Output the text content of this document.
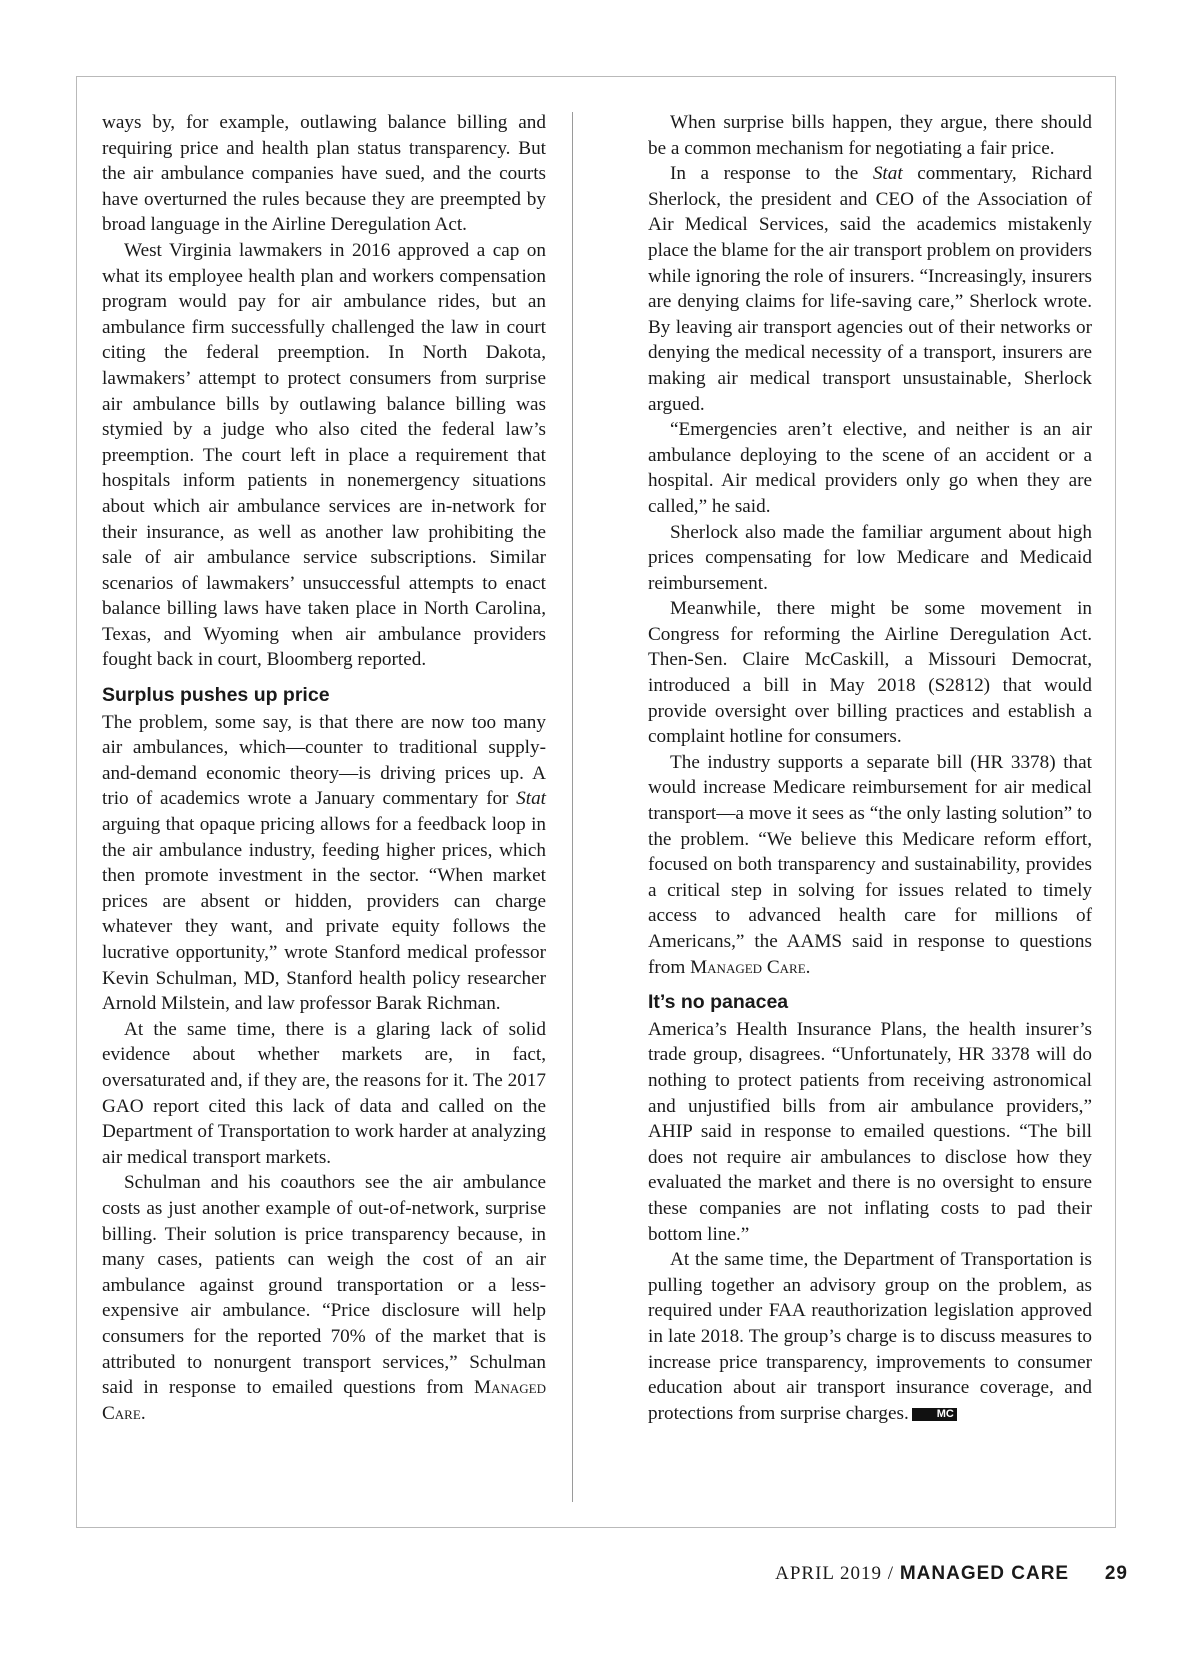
ways by, for example, outlawing balance billing and requiring price and health plan status transparency. But the air ambulance companies have sued, and the courts have overturned the rules because they are preempted by broad language in the Airline Deregulation Act.

West Virginia lawmakers in 2016 approved a cap on what its employee health plan and workers compensation program would pay for air ambulance rides, but an ambulance firm successfully challenged the law in court citing the federal preemption. In North Dakota, lawmakers’ attempt to protect consumers from surprise air ambulance bills by outlawing balance billing was stymied by a judge who also cited the federal law’s preemption. The court left in place a requirement that hospitals inform patients in nonemergency situations about which air ambulance services are in-network for their insurance, as well as another law prohibiting the sale of air ambulance service subscriptions. Similar scenarios of lawmakers’ unsuccessful attempts to enact balance billing laws have taken place in North Carolina, Texas, and Wyoming when air ambulance providers fought back in court, Bloomberg reported.

Surplus pushes up price

The problem, some say, is that there are now too many air ambulances, which—counter to traditional supply-and-demand economic theory—is driving prices up. A trio of academics wrote a January commentary for Stat arguing that opaque pricing allows for a feedback loop in the air ambulance industry, feeding higher prices, which then promote investment in the sector. “When market prices are absent or hidden, providers can charge whatever they want, and private equity follows the lucrative opportunity,” wrote Stanford medical professor Kevin Schulman, MD, Stanford health policy researcher Arnold Milstein, and law professor Barak Richman.

At the same time, there is a glaring lack of solid evidence about whether markets are, in fact, oversaturated and, if they are, the reasons for it. The 2017 GAO report cited this lack of data and called on the Department of Transportation to work harder at analyzing air medical transport markets.

Schulman and his coauthors see the air ambulance costs as just another example of out-of-network, surprise billing. Their solution is price transparency because, in many cases, patients can weigh the cost of an air ambulance against ground transportation or a less-expensive air ambulance. “Price disclosure will help consumers for the reported 70% of the market that is attributed to nonurgent transport services,” Schulman said in response to emailed questions from Managed Care.

When surprise bills happen, they argue, there should be a common mechanism for negotiating a fair price.

In a response to the Stat commentary, Richard Sherlock, the president and CEO of the Association of Air Medical Services, said the academics mistakenly place the blame for the air transport problem on providers while ignoring the role of insurers. “Increasingly, insurers are denying claims for life-saving care,” Sherlock wrote. By leaving air transport agencies out of their networks or denying the medical necessity of a transport, insurers are making air medical transport unsustainable, Sherlock argued.

“Emergencies aren’t elective, and neither is an air ambulance deploying to the scene of an accident or a hospital. Air medical providers only go when they are called,” he said.

Sherlock also made the familiar argument about high prices compensating for low Medicare and Medicaid reimbursement.

Meanwhile, there might be some movement in Congress for reforming the Airline Deregulation Act. Then-Sen. Claire McCaskill, a Missouri Democrat, introduced a bill in May 2018 (S2812) that would provide oversight over billing practices and establish a complaint hotline for consumers.

The industry supports a separate bill (HR 3378) that would increase Medicare reimbursement for air medical transport—a move it sees as “the only lasting solution” to the problem. “We believe this Medicare reform effort, focused on both transparency and sustainability, provides a critical step in solving for issues related to timely access to advanced health care for millions of Americans,” the AAMS said in response to questions from Managed Care.

It’s no panacea

America’s Health Insurance Plans, the health insurer’s trade group, disagrees. “Unfortunately, HR 3378 will do nothing to protect patients from receiving astronomical and unjustified bills from air ambulance providers,” AHIP said in response to emailed questions. “The bill does not require air ambulances to disclose how they evaluated the market and there is no oversight to ensure these companies are not inflating costs to pad their bottom line.”

At the same time, the Department of Transportation is pulling together an advisory group on the problem, as required under FAA reauthorization legislation approved in late 2018. The group’s charge is to discuss measures to increase price transparency, improvements to consumer education about air transport insurance coverage, and protections from surprise charges.	MC

APRIL 2019 / MANAGED CARE 29
